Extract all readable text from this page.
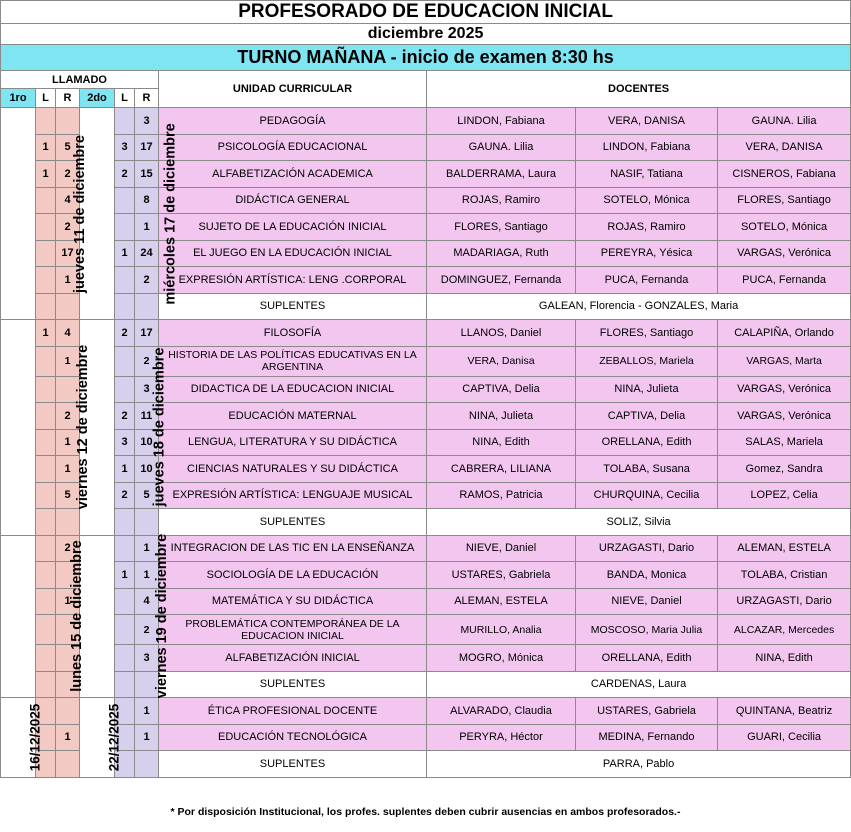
PROFESORADO DE EDUCACION INICIAL									
diciembre 2025									
TURNO MAÑANA - inicio de examen 8:30 hs									
LLAMADO						UNIDAD CURRICULAR	DOCENTES		
1ro	L	R	2do	L	R				
jueves 11 de diciembre			miércoles 17 de diciembre		3	PEDAGOGÍA	LINDON, Fabiana	VERA, DANISA	GAUNA. Lilia
	1	5		3	17	PSICOLOGÍA EDUCACIONAL	GAUNA. Lilia	LINDON, Fabiana	VERA, DANISA
	1	2		2	15	ALFABETIZACIÓN ACADEMICA	BALDERRAMA, Laura	NASIF, Tatiana	CISNEROS, Fabiana
		4			8	DIDÁCTICA GENERAL	ROJAS, Ramiro	SOTELO, Mónica	FLORES, Santiago
		2			1	SUJETO DE LA EDUCACIÓN INICIAL	FLORES, Santiago	ROJAS, Ramiro	SOTELO, Mónica
		17		1	24	EL JUEGO EN LA EDUCACIÓN INICIAL	MADARIAGA, Ruth	PEREYRA, Yésica	VARGAS, Verónica
		1			2	EXPRESIÓN ARTÍSTICA: LENG .CORPORAL	DOMINGUEZ, Fernanda	PUCA, Fernanda	PUCA, Fernanda
						SUPLENTES	GALEAN, Florencia - GONZALES, Maria		
viernes 12 de diciembre	1	4	jueves 18 de diciembre	2	17	FILOSOFÍA	LLANOS, Daniel	FLORES, Santiago	CALAPIÑA, Orlando
		1			2	HISTORIA DE LAS POLÍTICAS EDUCATIVAS EN LA ARGENTINA	VERA, Danisa	ZEBALLOS, Mariela	VARGAS, Marta
					3	DIDACTICA DE LA EDUCACION INICIAL	CAPTIVA, Delia	NINA, Julieta	VARGAS, Verónica
		2		2	11	EDUCACIÓN MATERNAL	NINA, Julieta	CAPTIVA, Delia	VARGAS, Verónica
		1		3	10	LENGUA, LITERATURA Y SU DIDÁCTICA	NINA, Edith	ORELLANA, Edith	SALAS, Mariela
		1		1	10	CIENCIAS NATURALES Y SU DIDÁCTICA	CABRERA, LILIANA	TOLABA, Susana	Gomez, Sandra
		5		2	5	EXPRESIÓN ARTÍSTICA: LENGUAJE MUSICAL	RAMOS, Patricia	CHURQUINA, Cecilia	LOPEZ, Celia
						SUPLENTES	SOLIZ, Silvia		
lunes 15 de diciembre		2	viernes 19 de diciembre		1	INTEGRACION DE LAS TIC EN LA ENSEÑANZA	NIEVE, Daniel	URZAGASTI, Dario	ALEMAN, ESTELA
				1	1	SOCIOLOGÍA DE LA EDUCACIÓN	USTARES, Gabriela	BANDA, Monica	TOLABA, Cristian
		1			4	MATEMÁTICA Y SU DIDÁCTICA	ALEMAN, ESTELA	NIEVE, Daniel	URZAGASTI, Dario
					2	PROBLEMÁTICA CONTEMPORÁNEA DE LA EDUCACION INICIAL	MURILLO, Analia	MOSCOSO, Maria Julia	ALCAZAR, Mercedes
					3	ALFABETIZACIÓN INICIAL	MOGRO, Mónica	ORELLANA, Edith	NINA, Edith
						SUPLENTES	CARDENAS, Laura		
16/12/2025			22/12/2025		1	ÉTICA PROFESIONAL DOCENTE	ALVARADO, Claudia	USTARES, Gabriela	QUINTANA, Beatriz
		1			1	EDUCACIÓN TECNOLÓGICA	PERYRA, Héctor	MEDINA, Fernando	GUARI, Cecilia
						SUPLENTES	PARRA, Pablo		
* Por disposición Institucional, los profes. suplentes deben cubrir ausencias en ambos profesorados.-
